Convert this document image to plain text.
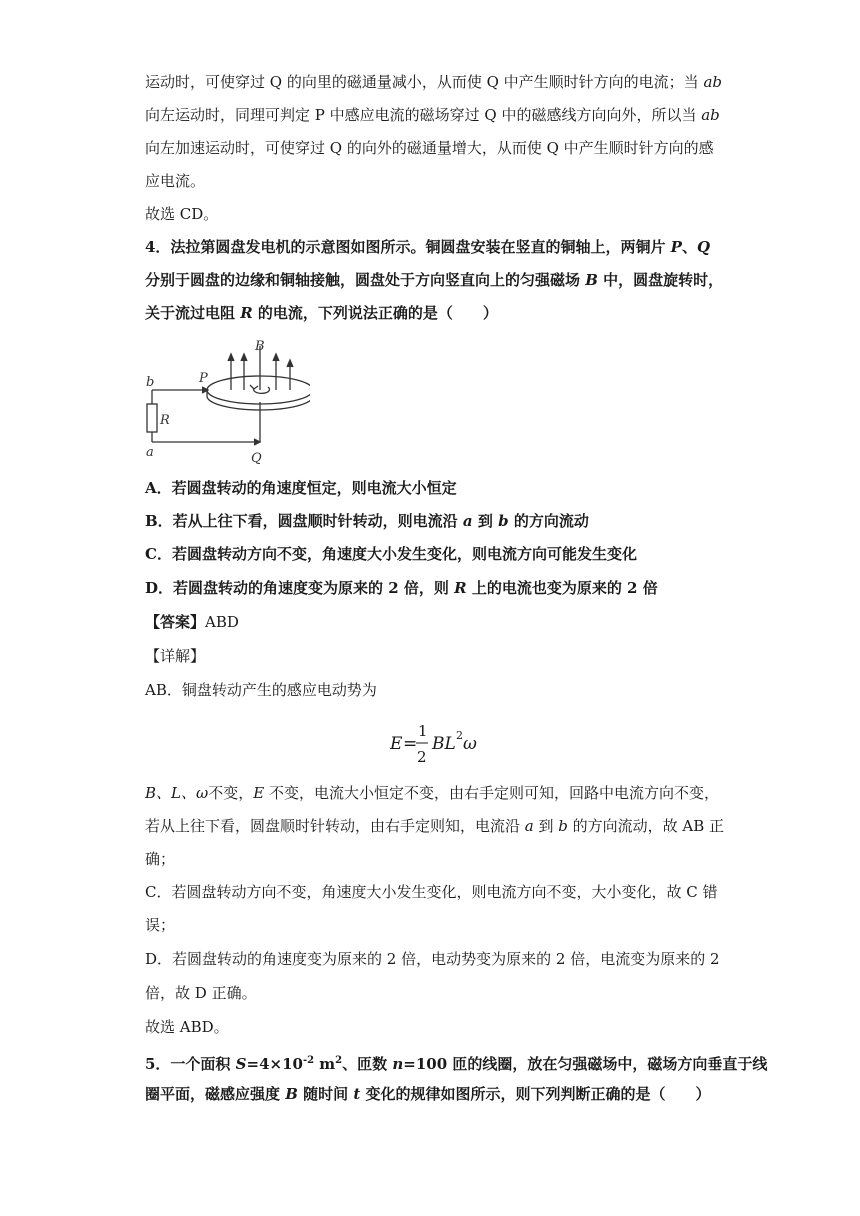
运动时，可使穿过 Q 的向里的磁通量减小，从而使 Q 中产生顺时针方向的电流；当 ab
向左运动时，同理可判定 P 中感应电流的磁场穿过 Q 中的磁感线方向向外，所以当 ab
向左加速运动时，可使穿过 Q 的向外的磁通量增大，从而使 Q 中产生顺时针方向的感
应电流。
故选 CD。
4．法拉第圆盘发电机的示意图如图所示。铜圆盘安装在竖直的铜轴上，两铜片 P、Q
分别于圆盘的边缘和铜轴接触，圆盘处于方向竖直向上的匀强磁场 B 中，圆盘旋转时，
关于流过电阻 R 的电流，下列说法正确的是（　　）
B
P
b
R
a	Q
A．若圆盘转动的角速度恒定，则电流大小恒定
B．若从上往下看，圆盘顺时针转动，则电流沿 a 到 b 的方向流动
C．若圆盘转动方向不变，角速度大小发生变化，则电流方向可能发生变化
D．若圆盘转动的角速度变为原来的 2 倍，则 R 上的电流也变为原来的 2 倍
【答案】ABD
【详解】
AB．铜盘转动产生的感应电动势为
E =
1
2
BL 2 ω
B、L、ω不变，E 不变，电流大小恒定不变，由右手定则可知，回路中电流方向不变，
若从上往下看，圆盘顺时针转动，由右手定则知，电流沿 a 到 b 的方向流动，故 AB 正
确；
C．若圆盘转动方向不变，角速度大小发生变化，则电流方向不变，大小变化，故 C 错
误；
D．若圆盘转动的角速度变为原来的 2 倍，电动势变为原来的 2 倍，电流变为原来的 2
倍，故 D 正确。
故选 ABD。
5．一个面积 $S=4\times 10^{-2}$ $m^2$、匝数 n=100 匝的线圈，放在匀强磁场中，磁场方向垂直于线
圈平面，磁感应强度 B 随时间 t 变化的规律如图所示，则下列判断正确的是（　　）
